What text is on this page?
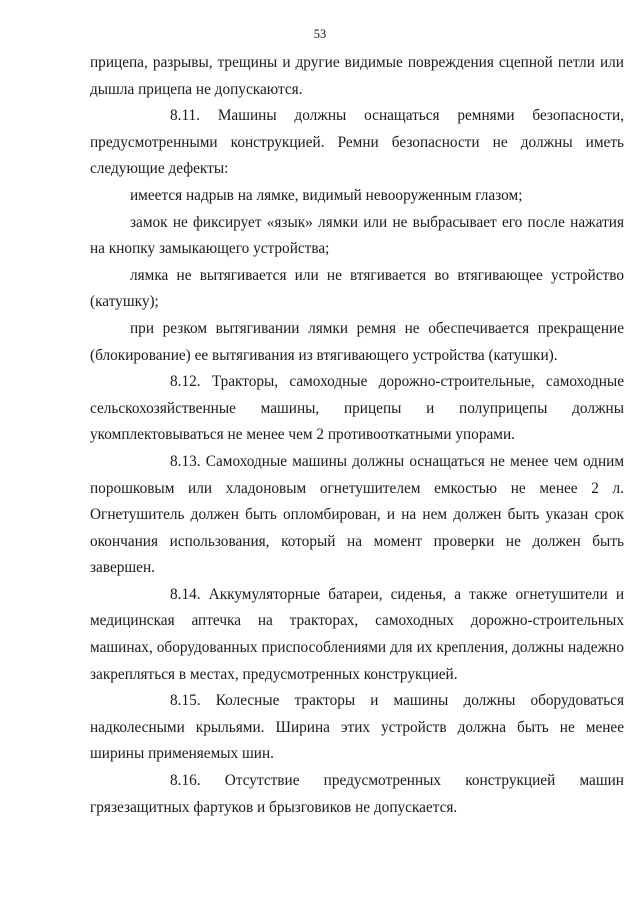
53

прицепа, разрывы, трещины и другие видимые повреждения сцепной петли или дышла прицепа не допускаются.

8.11. Машины должны оснащаться ремнями безопасности, предусмотренными конструкцией. Ремни безопасности не должны иметь следующие дефекты:

имеется надрыв на лямке, видимый невооруженным глазом;

замок не фиксирует «язык» лямки или не выбрасывает его после нажатия на кнопку замыкающего устройства;

лямка не вытягивается или не втягивается во втягивающее устройство (катушку);

при резком вытягивании лямки ремня не обеспечивается прекращение (блокирование) ее вытягивания из втягивающего устройства (катушки).

8.12. Тракторы, самоходные дорожно-строительные, самоходные сельскохозяйственные машины, прицепы и полуприцепы должны укомплектовываться не менее чем 2 противооткатными упорами.

8.13. Самоходные машины должны оснащаться не менее чем одним порошковым или хладоновым огнетушителем емкостью не менее 2 л. Огнетушитель должен быть опломбирован, и на нем должен быть указан срок окончания использования, который на момент проверки не должен быть завершен.

8.14. Аккумуляторные батареи, сиденья, а также огнетушители и медицинская аптечка на тракторах, самоходных дорожно-строительных машинах, оборудованных приспособлениями для их крепления, должны надежно закрепляться в местах, предусмотренных конструкцией.

8.15. Колесные тракторы и машины должны оборудоваться надколесными крыльями. Ширина этих устройств должна быть не менее ширины применяемых шин.

8.16. Отсутствие предусмотренных конструкцией машин грязезащитных фартуков и брызговиков не допускается.
